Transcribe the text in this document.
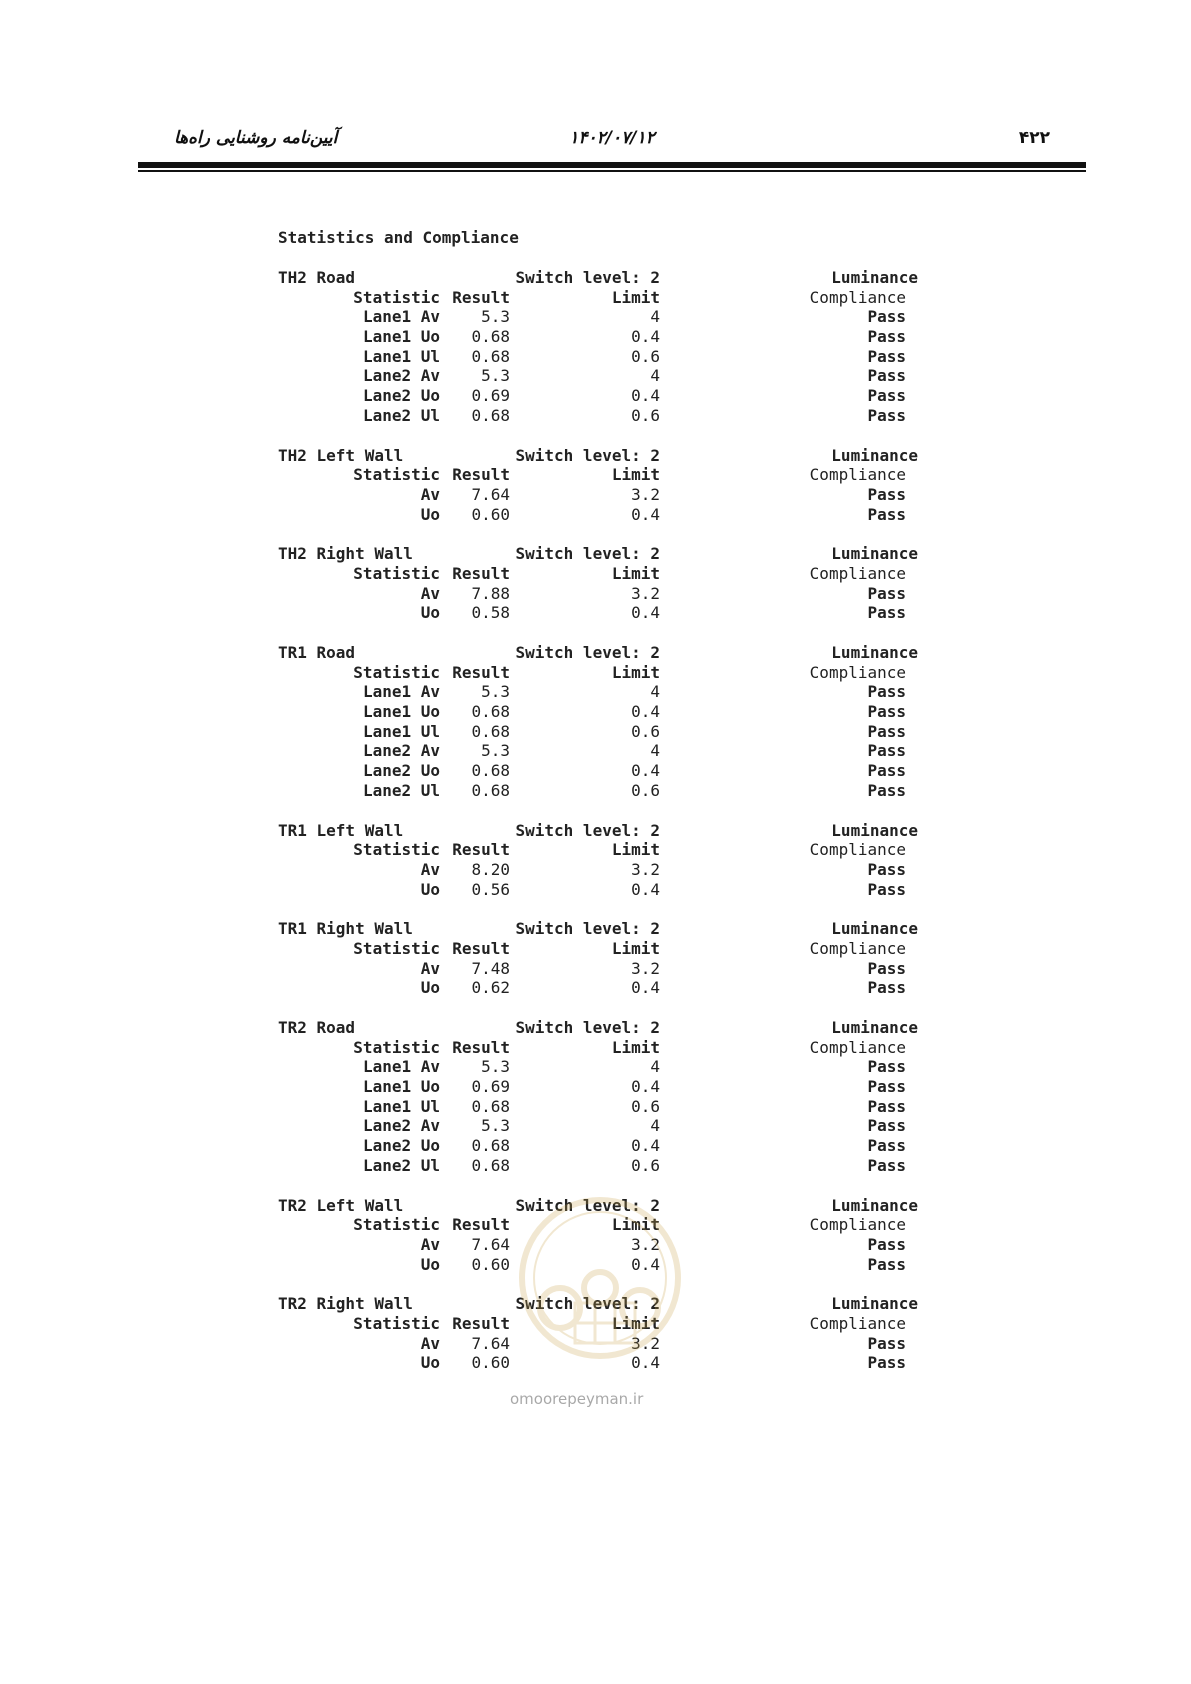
آیین‌نامه روشنایی راه‌ها	۱۴۰۲/۰۷/۱۲	۴۲۲
Statistics and Compliance
TH2 Road	Switch level: 2	Luminance
Statistic Result	Limit	Compliance
Lane1 Av	5.3	4	Pass
Lane1 Uo 0.68	0.4	Pass
Lane1 Ul 0.68	0.6	Pass
Lane2 Av	5.3	4	Pass
Lane2 Uo 0.69	0.4	Pass
Lane2 Ul 0.68	0.6	Pass
TH2 Left Wall	Switch level: 2	Luminance
Statistic Result	Limit	Compliance
Av 7.64	3.2	Pass
Uo 0.60	0.4	Pass
TH2 Right Wall	Switch level: 2	Luminance
Statistic Result	Limit	Compliance
Av 7.88	3.2	Pass
Uo 0.58	0.4	Pass
TR1 Road	Switch level: 2	Luminance
Statistic Result	Limit	Compliance
Lane1 Av	5.3	4	Pass
Lane1 Uo 0.68	0.4	Pass
Lane1 Ul 0.68	0.6	Pass
Lane2 Av	5.3	4	Pass
Lane2 Uo 0.68	0.4	Pass
Lane2 Ul 0.68	0.6	Pass
TR1 Left Wall	Switch level: 2	Luminance
Statistic Result	Limit	Compliance
Av 8.20	3.2	Pass
Uo 0.56	0.4	Pass
TR1 Right Wall	Switch level: 2	Luminance
Statistic Result	Limit	Compliance
Av 7.48	3.2	Pass
Uo 0.62	0.4	Pass
TR2 Road	Switch level: 2	Luminance
Statistic Result	Limit	Compliance
Lane1 Av	5.3	4	Pass
Lane1 Uo 0.69	0.4	Pass
Lane1 Ul 0.68	0.6	Pass
Lane2 Av	5.3	4	Pass
Lane2 Uo 0.68	0.4	Pass
Lane2 Ul 0.68	0.6	Pass
TR2 Left Wall	Switch level: 2	Luminance
Statistic Result	Limit	Compliance
Av 7.64	3.2	Pass
Uo 0.60	0.4	Pass
TR2 Right Wall	Switch level: 2	Luminance
Statistic Result	Limit	Compliance
Av 7.64	3.2	Pass
Uo 0.60	0.4	Pass
omoorepeyman.ir
